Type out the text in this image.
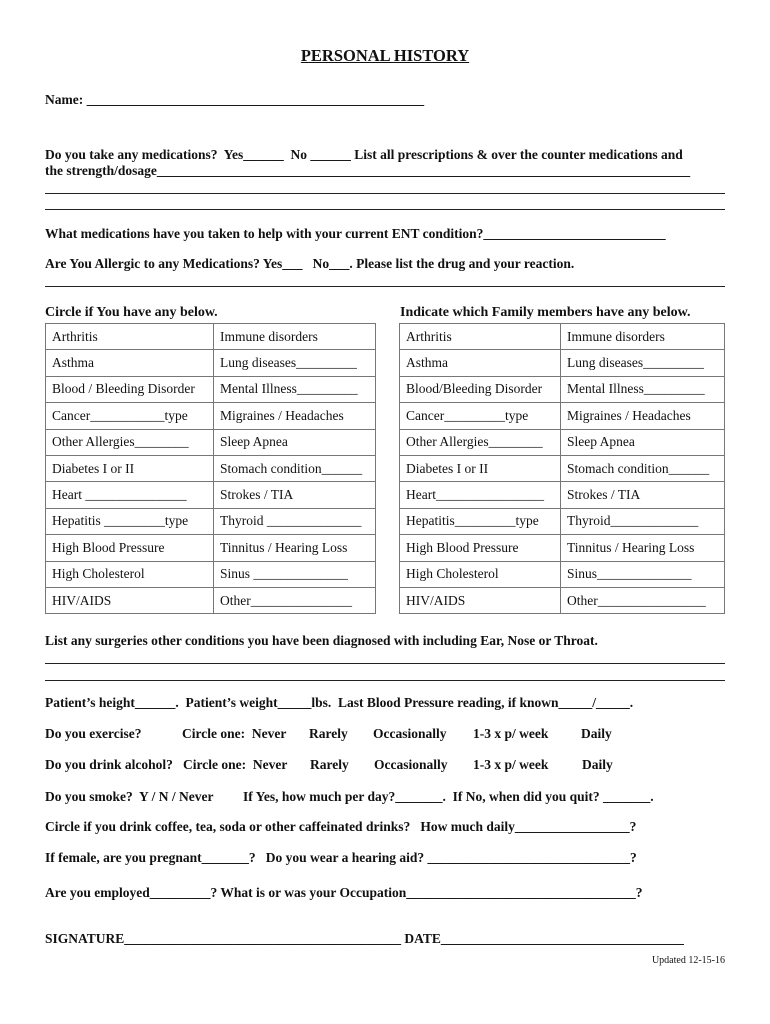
PERSONAL HISTORY
Name: __________________________________________________
Do you take any medications?  Yes______  No ______ List all prescriptions & over the counter medications and
the strength/dosage_______________________________________________________________________________
What medications have you taken to help with your current ENT condition?___________________________
Are You Allergic to any Medications? Yes___   No___. Please list the drug and your reaction.
Circle if You have any below.	Indicate which Family members have any below.
Arthritis	Immune disorders
Asthma	Lung diseases_________
Blood / Bleeding Disorder	Mental Illness_________
Cancer___________type	Migraines / Headaches
Other Allergies________	Sleep Apnea
Diabetes I or II	Stomach condition______
Heart _______________	Strokes / TIA
Hepatitis _________type	Thyroid ______________
High Blood Pressure	Tinnitus / Hearing Loss
High Cholesterol	Sinus ______________
HIV/AIDS	Other_______________
Arthritis	Immune disorders
Asthma	Lung diseases_________
Blood/Bleeding Disorder	Mental Illness_________
Cancer_________type	Migraines / Headaches
Other Allergies________	Sleep Apnea
Diabetes I or II	Stomach condition______
Heart________________	Strokes / TIA
Hepatitis_________type	Thyroid_____________
High Blood Pressure	Tinnitus / Hearing Loss
High Cholesterol	Sinus______________
HIV/AIDS	Other________________
List any surgeries other conditions you have been diagnosed with including Ear, Nose or Throat.
Patient’s height______.  Patient’s weight_____lbs.  Last Blood Pressure reading, if known_____/_____.
Do you exercise?	Circle one:  Never Rarely Occasionally 1-3 x p/ week Daily
Do you drink alcohol? Circle one:  Never Rarely Occasionally 1-3 x p/ week Daily
Do you smoke?  Y / N / Never If Yes, how much per day?_______.  If No, when did you quit? _______.
Circle if you drink coffee, tea, soda or other caffeinated drinks?   How much daily_________________?
If female, are you pregnant_______?   Do you wear a hearing aid? ______________________________?
Are you employed_________? What is or was your Occupation__________________________________?
SIGNATURE_________________________________________ DATE____________________________________
Updated 12-15-16
